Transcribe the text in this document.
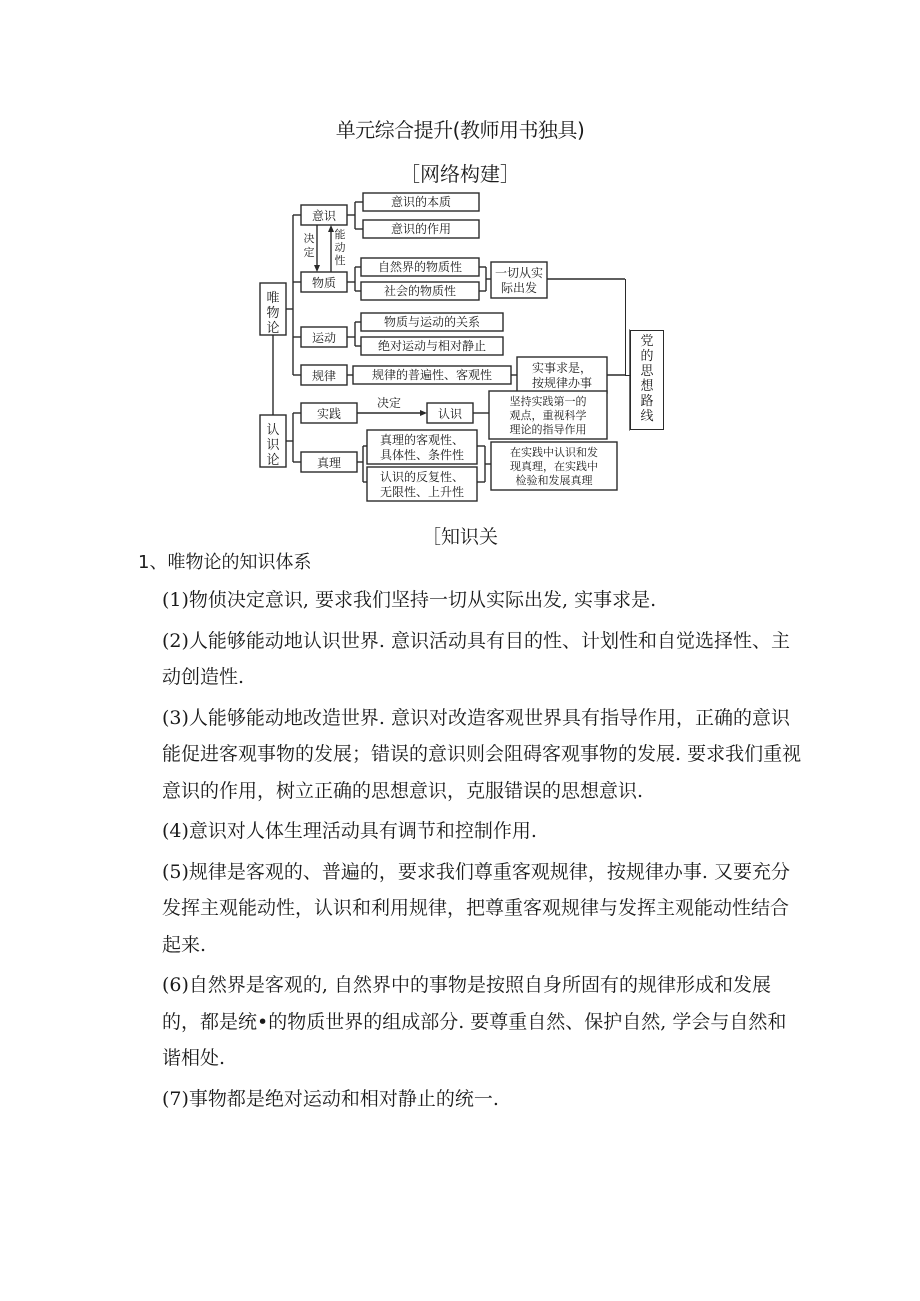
单元综合提升(教师用书独具)
［网络构建］
唯
物
论
认
识
论
意识
物质
运动
规律
决
定
能
动
性
意识的本质
意识的作用
自然界的物质性
社会的物质性
一切从实
际出发
物质与运动的关系
绝对运动与相对静止
规律的普遍性、客观性	实事求是，
按规律办事
实践
真理
决定
认识
坚持实践第一的
观点，重视科学
理论的指导作用
真理的客观性、
具体性、条件性
认识的反复性、
无限性、上升性
在实践中认识和发
现真理，在实践中
检验和发展真理
党的思想路线
［知识关
1、唯物论的知识体系

(1)物侦决定意识, 要求我们坚持一切从实际出发, 实事求是.

(2)人能够能动地认识世界. 意识活动具有目的性、计划性和自觉选择性、主动创造性.

(3)人能够能动地改造世界. 意识对改造客观世界具有指导作用，正确的意识能促进客观事物的发展；错误的意识则会阻碍客观事物的发展. 要求我们重视意识的作用，树立正确的思想意识，克服错误的思想意识.

(4)意识对人体生理活动具有调节和控制作用.

(5)规律是客观的、普遍的，要求我们尊重客观规律，按规律办事. 又要充分发挥主观能动性，认识和利用规律，把尊重客观规律与发挥主观能动性结合起来.

(6)自然界是客观的, 自然界中的事物是按照自身所固有的规律形成和发展的，都是统•的物质世界的组成部分. 要尊重自然、保护自然, 学会与自然和谐相处.

(7)事物都是绝对运动和相对静止的统一.
